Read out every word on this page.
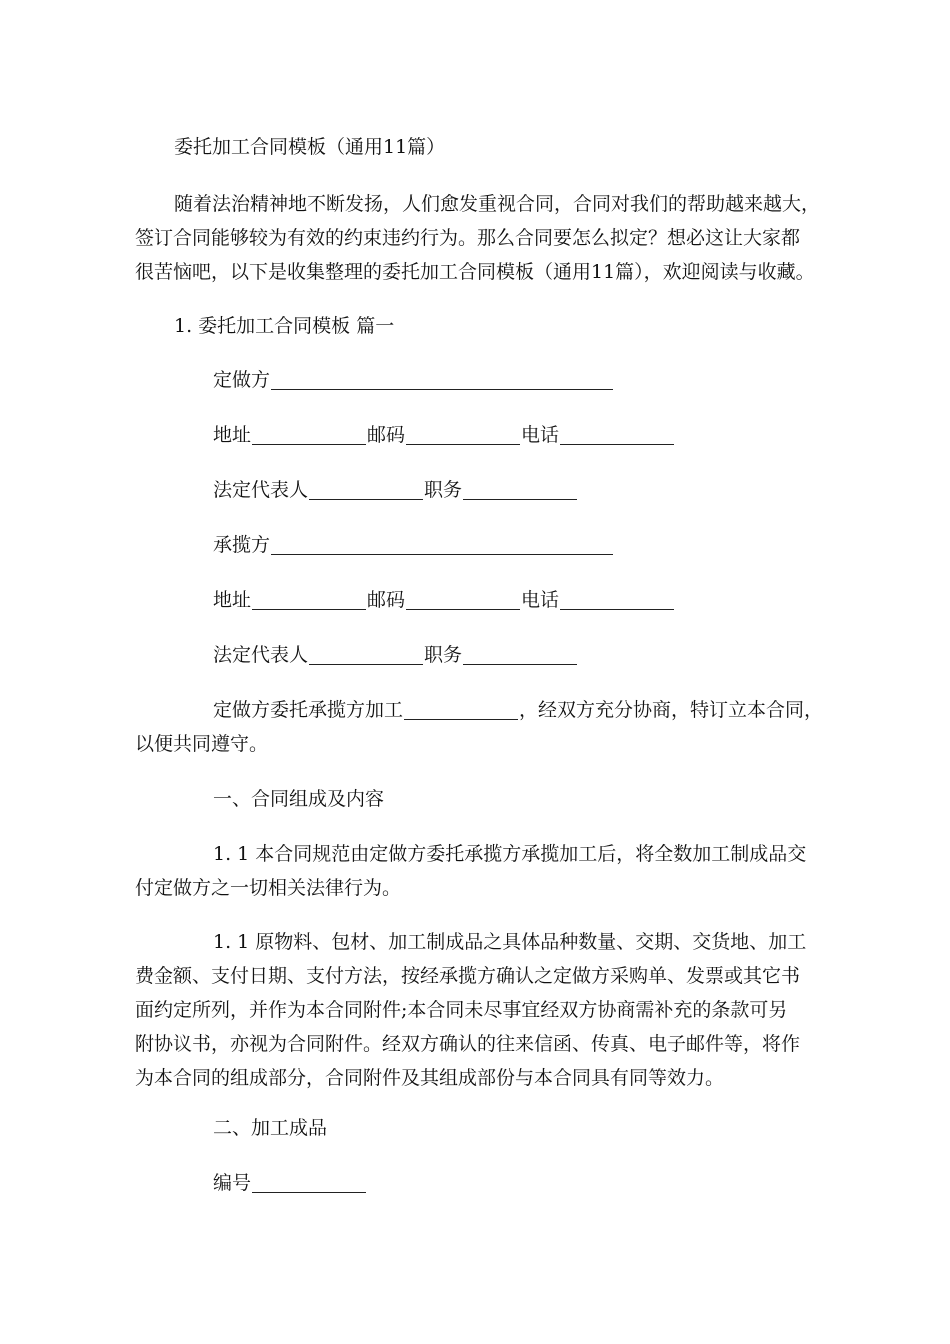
委托加工合同模板（通用11篇）
随着法治精神地不断发扬，人们愈发重视合同，合同对我们的帮助越来越大，
签订合同能够较为有效的约束违约行为。那么合同要怎么拟定？想必这让大家都
很苦恼吧，以下是收集整理的委托加工合同模板（通用11篇），欢迎阅读与收藏。
1. 委托加工合同模板 篇一
定做方
地址	邮码	电话
法定代表人	职务
承揽方
地址	邮码	电话
法定代表人	职务
定做方委托承揽方加工	，经双方充分协商，特订立本合同，
以便共同遵守。
一、合同组成及内容
1. 1 本合同规范由定做方委托承揽方承揽加工后，将全数加工制成品交
付定做方之一切相关法律行为。
1. 1 原物料、包材、加工制成品之具体品种数量、交期、交货地、加工
费金额、支付日期、支付方法，按经承揽方确认之定做方采购单、发票或其它书
面约定所列，并作为本合同附件;本合同未尽事宜经双方协商需补充的条款可另
附协议书，亦视为合同附件。经双方确认的往来信函、传真、电子邮件等，将作
为本合同的组成部分，合同附件及其组成部份与本合同具有同等效力。
二、加工成品
编号
